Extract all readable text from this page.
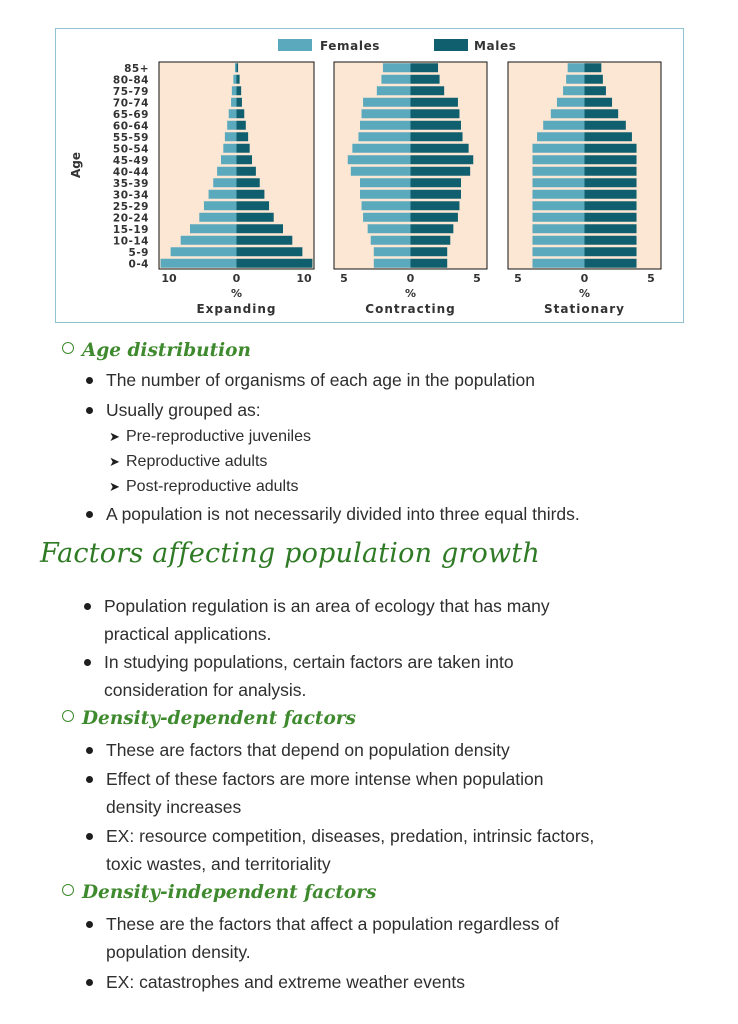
Females	Males
0-4
5-9
10-14
15-19
20-24
25-29
30-34
35-39
40-44
45-49
50-54
55-59
60-64
65-69
70-74
75-79
80-84
85+
Age
10	0	10
%
Expanding
5	0	5
%
Contracting
5	0	5
%
Stationary
Age distribution
The number of organisms of each age in the population
Usually grouped as:
➤ Pre-reproductive juveniles
➤ Reproductive adults
➤ Post-reproductive adults
A population is not necessarily divided into three equal thirds.
Factors affecting population growth
Population regulation is an area of ecology that has many
practical applications.
In studying populations, certain factors are taken into
consideration for analysis.
Density-dependent factors
These are factors that depend on population density
Effect of these factors are more intense when population
density increases
EX: resource competition, diseases, predation, intrinsic factors,
toxic wastes, and territoriality
Density-independent factors
These are the factors that affect a population regardless of
population density.
EX: catastrophes and extreme weather events
